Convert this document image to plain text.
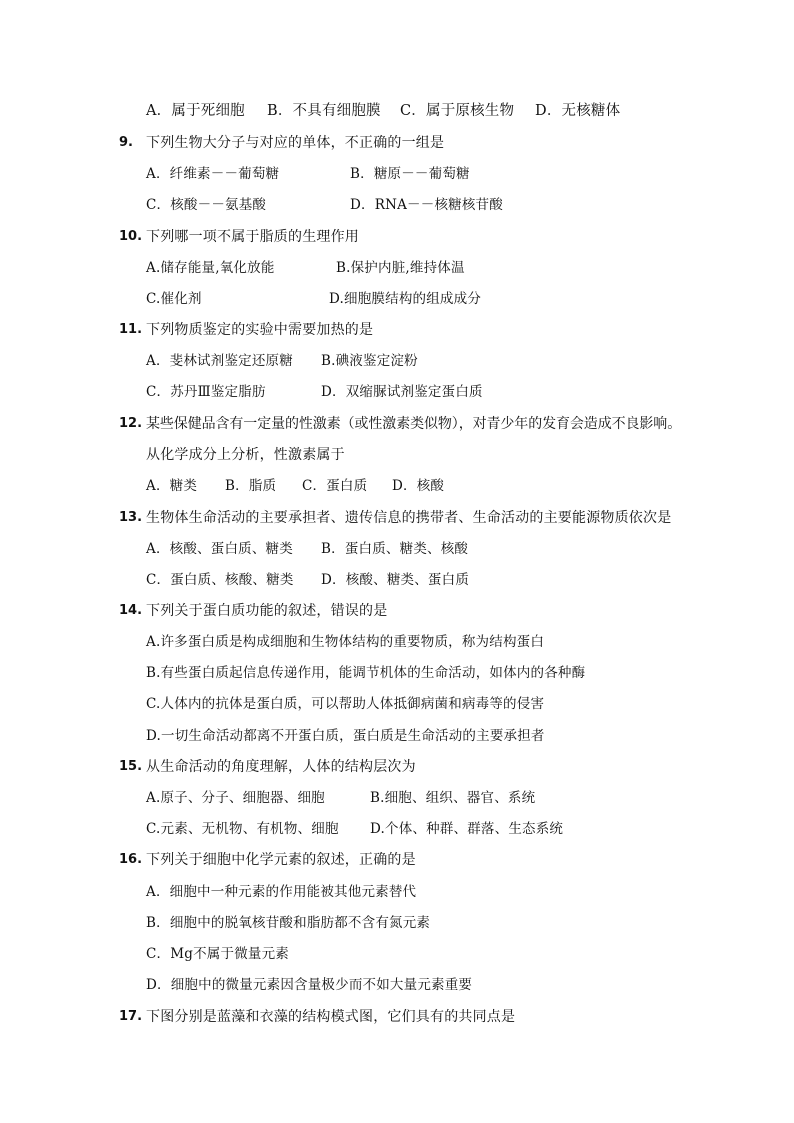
A．属于死细胞 B．不具有细胞膜 C．属于原核生物 D．无核糖体
9. 下列生物大分子与对应的单体，不正确的一组是
A．纤维素－－葡萄糖	B．糖原－－葡萄糖
C．核酸－－氨基酸	D．RNA－－核糖核苷酸
10. 下列哪一项不属于脂质的生理作用
A.储存能量,氧化放能	B.保护内脏,维持体温
C.催化剂	D.细胞膜结构的组成成分
11. 下列物质鉴定的实验中需要加热的是
A．斐林试剂鉴定还原糖 B.碘液鉴定淀粉
C．苏丹Ⅲ鉴定脂肪	D．双缩脲试剂鉴定蛋白质
12. 某些保健品含有一定量的性激素（或性激素类似物），对青少年的发育会造成不良影响。
从化学成分上分析，性激素属于
A．糖类 B．脂质 C．蛋白质 D．核酸
13. 生物体生命活动的主要承担者、遗传信息的携带者、生命活动的主要能源物质依次是
A．核酸、蛋白质、糖类 B．蛋白质、糖类、核酸
C．蛋白质、核酸、糖类 D．核酸、糖类、蛋白质
14. 下列关于蛋白质功能的叙述，错误的是
A.许多蛋白质是构成细胞和生物体结构的重要物质，称为结构蛋白
B.有些蛋白质起信息传递作用，能调节机体的生命活动，如体内的各种酶
C.人体内的抗体是蛋白质，可以帮助人体抵御病菌和病毒等的侵害
D.一切生命活动都离不开蛋白质，蛋白质是生命活动的主要承担者
15. 从生命活动的角度理解，人体的结构层次为
A.原子、分子、细胞器、细胞	B.细胞、组织、器官、系统
C.元素、无机物、有机物、细胞 D.个体、种群、群落、生态系统
16. 下列关于细胞中化学元素的叙述，正确的是
A．细胞中一种元素的作用能被其他元素替代
B．细胞中的脱氧核苷酸和脂肪都不含有氮元素
C．Mg不属于微量元素
D．细胞中的微量元素因含量极少而不如大量元素重要
17. 下图分别是蓝藻和衣藻的结构模式图，它们具有的共同点是
